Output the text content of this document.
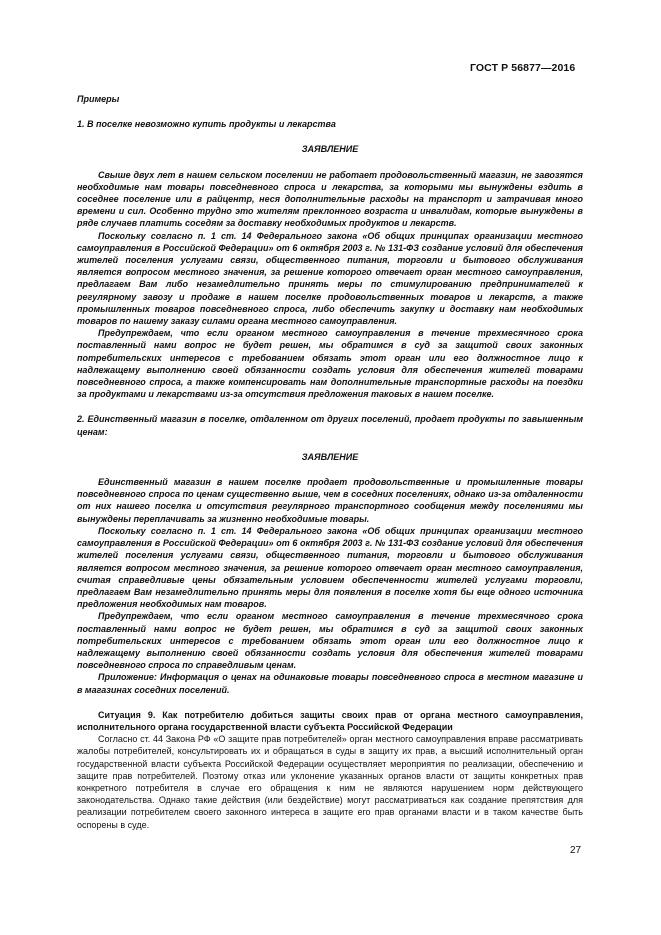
ГОСТ Р 56877—2016

Примеры

1. В поселке невозможно купить продукты и лекарства

ЗАЯВЛЕНИЕ

Свыше двух лет в нашем сельском поселении не работает продовольственный магазин, не завозятся необходимые нам товары повседневного спроса и лекарства, за которыми мы вынуждены ездить в соседнее поселение или в райцентр, неся дополнительные расходы на транспорт и затрачивая много времени и сил. Особенно трудно это жителям преклонного возраста и инвалидам, которые вынуждены в ряде случаев платить соседям за доставку необходимых продуктов и лекарств.

Поскольку согласно п. 1 ст. 14 Федерального закона «Об общих принципах организации местного самоуправления в Российской Федерации» от 6 октября 2003 г. № 131-ФЗ создание условий для обеспечения жителей поселения услугами связи, общественного питания, торговли и бытового обслуживания является вопросом местного значения, за решение которого отвечает орган местного самоуправления, предлагаем Вам либо незамедлительно принять меры по стимулированию предпринимателей к регулярному завозу и продаже в нашем поселке продовольственных товаров и лекарств, а также промышленных товаров повседневного спроса, либо обеспечить закупку и доставку нам необходимых товаров по нашему заказу силами органа местного самоуправления.

Предупреждаем, что если органом местного самоуправления в течение трехмесячного срока поставленный нами вопрос не будет решен, мы обратимся в суд за защитой своих законных потребительских интересов с требованием обязать этот орган или его должностное лицо к надлежащему выполнению своей обязанности создать условия для обеспечения жителей товарами повседневного спроса, а также компенсировать нам дополнительные транспортные расходы на поездки за продуктами и лекарствами из-за отсутствия предложения таковых в нашем поселке.

2. Единственный магазин в поселке, отдаленном от других поселений, продает продукты по завышенным ценам:

ЗАЯВЛЕНИЕ

Единственный магазин в нашем поселке продает продовольственные и промышленные товары повседневного спроса по ценам существенно выше, чем в соседних поселениях, однако из-за отдаленности от них нашего поселка и отсутствия регулярного транспортного сообщения между поселениями мы вынуждены переплачивать за жизненно необходимые товары.

Поскольку согласно п. 1 ст. 14 Федерального закона «Об общих принципах организации местного самоуправления в Российской Федерации» от 6 октября 2003 г. № 131-ФЗ создание условий для обеспечения жителей поселения услугами связи, общественного питания, торговли и бытового обслуживания является вопросом местного значения, за решение которого отвечает орган местного самоуправления, считая справедливые цены обязательным условием обеспеченности жителей услугами торговли, предлагаем Вам незамедлительно принять меры для появления в поселке хотя бы еще одного источника предложения необходимых нам товаров.

Предупреждаем, что если органом местного самоуправления в течение трехмесячного срока поставленный нами вопрос не будет решен, мы обратимся в суд за защитой своих законных потребительских интересов с требованием обязать этот орган или его должностное лицо к надлежащему выполнению своей обязанности создать условия для обеспечения жителей товарами повседневного спроса по справедливым ценам.

Приложение: Информация о ценах на одинаковые товары повседневного спроса в местном магазине и в магазинах соседних поселений.

Ситуация 9. Как потребителю добиться защиты своих прав от органа местного самоуправления, исполнительного органа государственной власти субъекта Российской Федерации

Согласно ст. 44 Закона РФ «О защите прав потребителей» орган местного самоуправления вправе рассматривать жалобы потребителей, консультировать их и обращаться в суды в защиту их прав, а высший исполнительный орган государственной власти субъекта Российской Федерации осуществляет мероприятия по реализации, обеспечению и защите прав потребителей. Поэтому отказ или уклонение указанных органов власти от защиты конкретных прав конкретного потребителя в случае его обращения к ним не являются нарушением норм действующего законодательства. Однако такие действия (или бездействие) могут рассматриваться как создание препятствия для реализации потребителем своего законного интереса в защите его прав органами власти и в таком качестве быть оспорены в суде.

27
